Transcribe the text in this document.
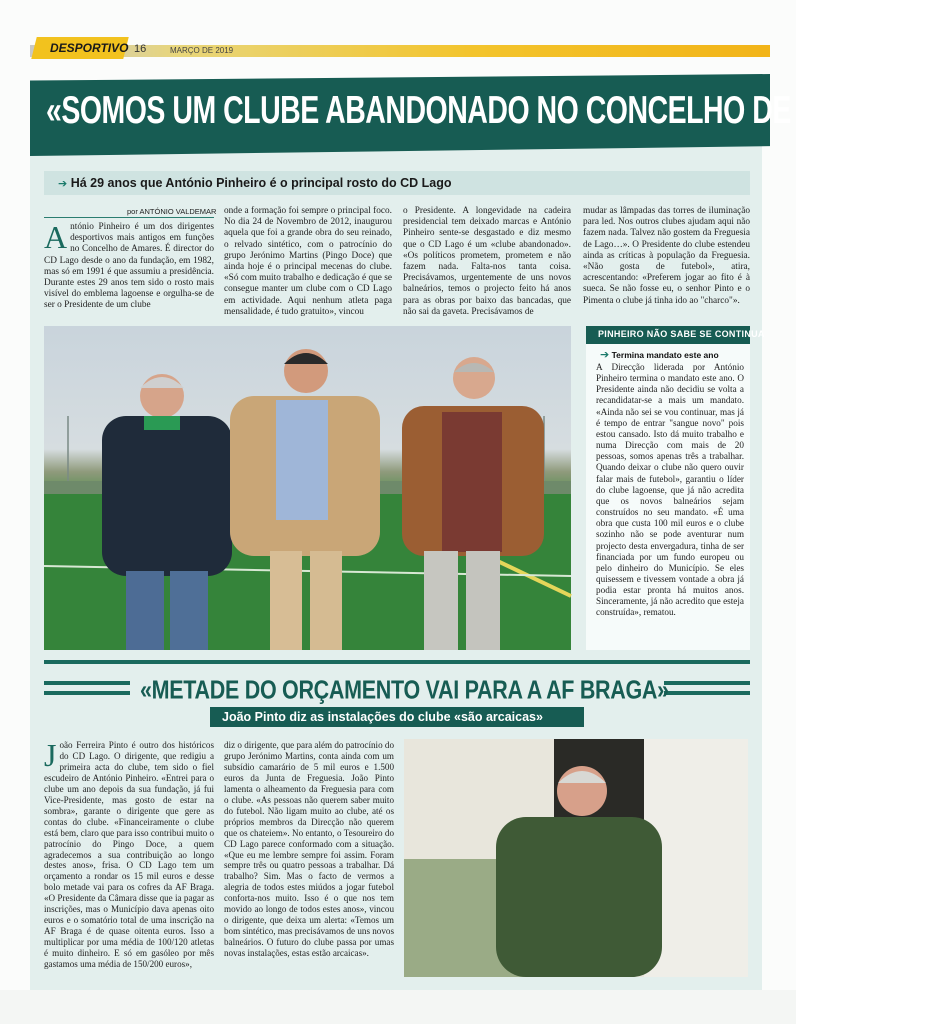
DESPORTIVO 16	MARÇO DE 2019
«SOMOS UM CLUBE ABANDONADO NO CONCELHO DE AMARES»
➔ Há 29 anos que António Pinheiro é o principal rosto do CD Lago
por ANTÓNIO VALDEMAR
António Pinheiro é um dos dirigentes desportivos mais antigos em funções no Concelho de Amares. É director do CD Lago desde o ano da fundação, em 1982, mas só em 1991 é que assumiu a presidência. Durante estes 29 anos tem sido o rosto mais visível do emblema lagoense e orgulha-se de ser o Presidente de um clube
onde a formação foi sempre o principal foco. No dia 24 de Novembro de 2012, inaugurou aquela que foi a grande obra do seu reinado, o relvado sintético, com o patrocínio do grupo Jerónimo Martins (Pingo Doce) que ainda hoje é o principal mecenas do clube. «Só com muito trabalho e dedicação é que se consegue manter um clube com o CD Lago em actividade. Aqui nenhum atleta paga mensalidade, é tudo gratuito», vincou
o Presidente. A longevidade na cadeira presidencial tem deixado marcas e António Pinheiro sente-se desgastado e diz mesmo que o CD Lago é um «clube abandonado». «Os políticos prometem, prometem e não fazem nada. Falta-nos tanta coisa. Precisávamos, urgentemente de uns novos balneários, temos o projecto feito há anos para as obras por baixo das bancadas, que não sai da gaveta. Precisávamos de
mudar as lâmpadas das torres de iluminação para led. Nos outros clubes ajudam aqui não fazem nada. Talvez não gostem da Freguesia de Lago…». O Presidente do clube estendeu ainda as críticas à população da Freguesia. «Não gosta de futebol», atira, acrescentando: «Preferem jogar ao fito é à sueca. Se não fosse eu, o senhor Pinto e o Pimenta o clube já tinha ido ao "charco"».
PINHEIRO NÃO SABE SE CONTINUA
➔ Termina mandato este ano
A Direcção liderada por António Pinheiro termina o mandato este ano. O Presidente ainda não decidiu se volta a recandidatar-se a mais um mandato. «Ainda não sei se vou continuar, mas já é tempo de entrar "sangue novo" pois estou cansado. Isto dá muito trabalho e numa Direcção com mais de 20 pessoas, somos apenas três a trabalhar. Quando deixar o clube não quero ouvir falar mais de futebol», garantiu o líder do clube lagoense, que já não acredita que os novos balneários sejam construídos no seu mandato. «É uma obra que custa 100 mil euros e o clube sozinho não se pode aventurar num projecto desta envergadura, tinha de ser financiada por um fundo europeu ou pelo dinheiro do Município. Se eles quisessem e tivessem vontade a obra já podia estar pronta há muitos anos. Sinceramente, já não acredito que esteja construída», rematou.
«METADE DO ORÇAMENTO VAI PARA A AF BRAGA»
João Pinto diz as instalações do clube «são arcaicas»
João Ferreira Pinto é outro dos históricos do CD Lago. O dirigente, que redigiu a primeira acta do clube, tem sido o fiel escudeiro de António Pinheiro. «Entrei para o clube um ano depois da sua fundação, já fui Vice-Presidente, mas gosto de estar na sombra», garante o dirigente que gere as contas do clube. «Financeiramente o clube está bem, claro que para isso contribui muito o patrocínio do Pingo Doce, a quem agradecemos a sua contribuição ao longo destes anos», frisa. O CD Lago tem um orçamento a rondar os 15 mil euros e desse bolo metade vai para os cofres da AF Braga. «O Presidente da Câmara disse que ia pagar as inscrições, mas o Município dava apenas oito euros e o somatório total de uma inscrição na AF Braga é de quase oitenta euros. Isso a multiplicar por uma média de 100/120 atletas é muito dinheiro. E só em gasóleo por mês gastamos uma média de 150/200 euros»,
diz o dirigente, que para além do patrocínio do grupo Jerónimo Martins, conta ainda com um subsídio camarário de 5 mil euros e 1.500 euros da Junta de Freguesia. João Pinto lamenta o alheamento da Freguesia para com o clube. «As pessoas não querem saber muito do futebol. Não ligam muito ao clube, até os próprios membros da Direcção não querem que os chateiem». No entanto, o Tesoureiro do CD Lago parece conformado com a situação. «Que eu me lembre sempre foi assim. Foram sempre três ou quatro pessoas a trabalhar. Dá trabalho? Sim. Mas o facto de vermos a alegria de todos estes miúdos a jogar futebol conforta-nos muito. Isso é o que nos tem movido ao longo de todos estes anos», vincou o dirigente, que deixa um alerta: «Temos um bom sintético, mas precisávamos de uns novos balneários. O futuro do clube passa por umas novas instalações, estas estão arcaicas».
